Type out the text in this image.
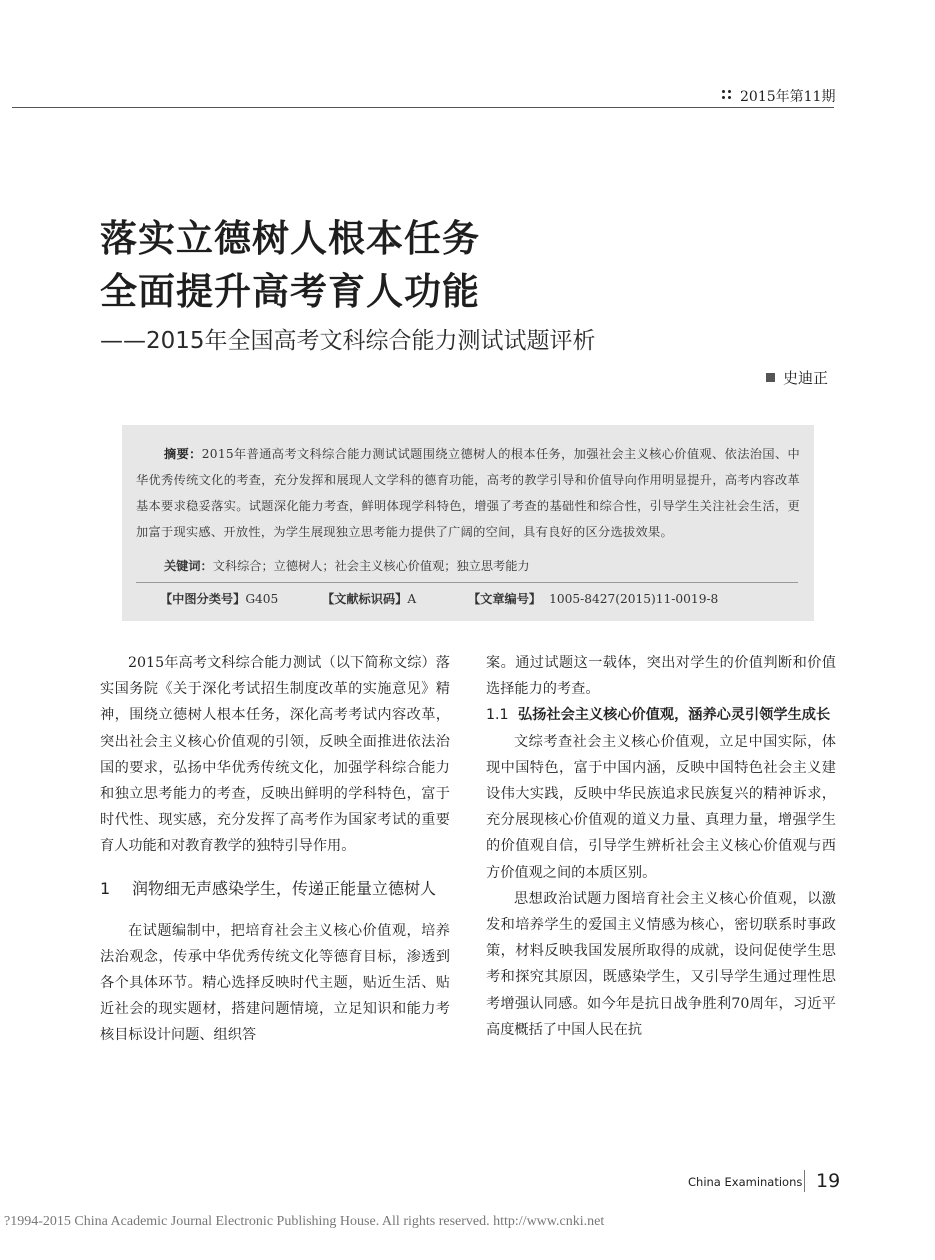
2015年第11期
落实立德树人根本任务
全面提升高考育人功能
——2015年全国高考文科综合能力测试试题评析
史迪正
摘要：2015年普通高考文科综合能力测试试题围绕立德树人的根本任务，加强社会主义核心价值观、依法治国、中华优秀传统文化的考查，充分发挥和展现人文学科的德育功能，高考的教学引导和价值导向作用明显提升，高考内容改革基本要求稳妥落实。试题深化能力考查，鲜明体现学科特色，增强了考查的基础性和综合性，引导学生关注社会生活，更加富于现实感、开放性，为学生展现独立思考能力提供了广阔的空间，具有良好的区分选拔效果。
关键词：文科综合；立德树人；社会主义核心价值观；独立思考能力
【中图分类号】G405	【文献标识码】A	【文章编号】 1005-8427(2015)11-0019-8

2015年高考文科综合能力测试（以下简称文综）落实国务院《关于深化考试招生制度改革的实施意见》精神，围绕立德树人根本任务，深化高考考试内容改革，突出社会主义核心价值观的引领，反映全面推进依法治国的要求，弘扬中华优秀传统文化，加强学科综合能力和独立思考能力的考查，反映出鲜明的学科特色，富于时代性、现实感，充分发挥了高考作为国家考试的重要育人功能和对教育教学的独特引导作用。

1	润物细无声感染学生，传递正能量立德树人

在试题编制中，把培育社会主义核心价值观，培养法治观念，传承中华优秀传统文化等德育目标，渗透到各个具体环节。精心选择反映时代主题，贴近生活、贴近社会的现实题材，搭建问题情境，立足知识和能力考核目标设计问题、组织答

案。通过试题这一载体，突出对学生的价值判断和价值选择能力的考查。

1.1 弘扬社会主义核心价值观，涵养心灵引领学生成长

文综考查社会主义核心价值观，立足中国实际，体现中国特色，富于中国内涵，反映中国特色社会主义建设伟大实践，反映中华民族追求民族复兴的精神诉求，充分展现核心价值观的道义力量、真理力量，增强学生的价值观自信，引导学生辨析社会主义核心价值观与西方价值观之间的本质区别。

思想政治试题力图培育社会主义核心价值观，以激发和培养学生的爱国主义情感为核心，密切联系时事政策，材料反映我国发展所取得的成就，设问促使学生思考和探究其原因，既感染学生，又引导学生通过理性思考增强认同感。如今年是抗日战争胜利70周年，习近平高度概括了中国人民在抗

China Examinations 19
?1994-2015 China Academic Journal Electronic Publishing House. All rights reserved. http://www.cnki.net
